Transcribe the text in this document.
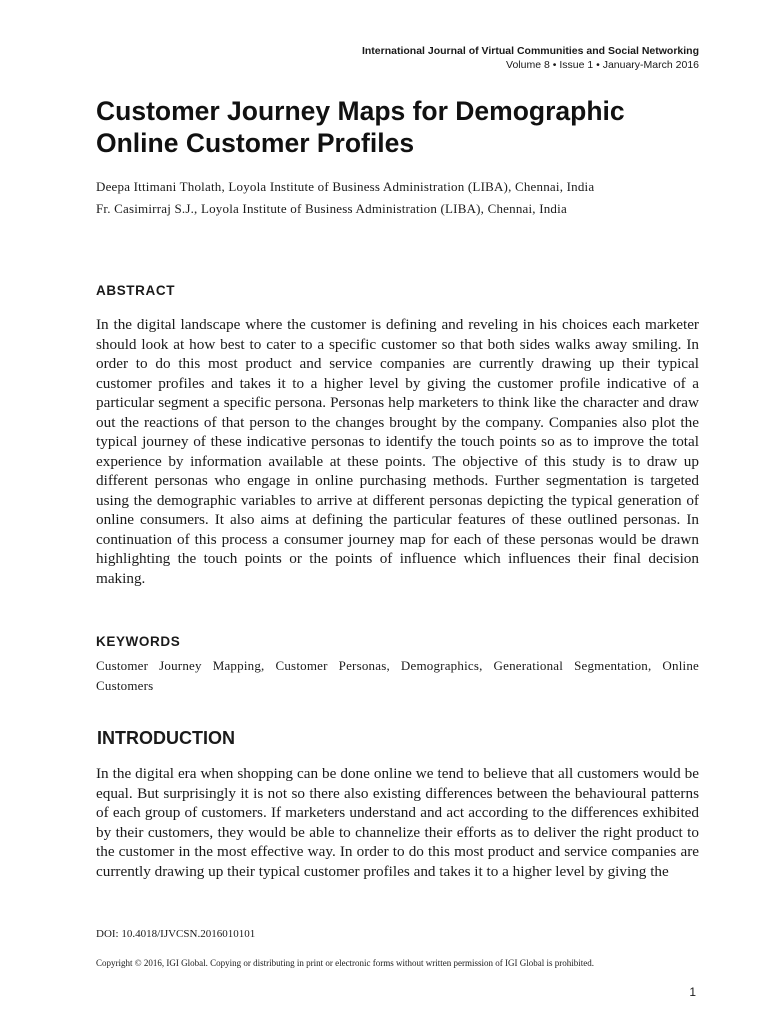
International Journal of Virtual Communities and Social Networking
Volume 8 • Issue 1 • January-March 2016
Customer Journey Maps for Demographic Online Customer Profiles
Deepa Ittimani Tholath, Loyola Institute of Business Administration (LIBA), Chennai, India
Fr. Casimirraj S.J., Loyola Institute of Business Administration (LIBA), Chennai, India
ABSTRACT

In the digital landscape where the customer is defining and reveling in his choices each marketer should look at how best to cater to a specific customer so that both sides walks away smiling. In order to do this most product and service companies are currently drawing up their typical customer profiles and takes it to a higher level by giving the customer profile indicative of a particular segment a specific persona. Personas help marketers to think like the character and draw out the reactions of that person to the changes brought by the company. Companies also plot the typical journey of these indicative personas to identify the touch points so as to improve the total experience by information available at these points. The objective of this study is to draw up different personas who engage in online purchasing methods. Further segmentation is targeted using the demographic variables to arrive at different personas depicting the typical generation of online consumers. It also aims at defining the particular features of these outlined personas. In continuation of this process a consumer journey map for each of these personas would be drawn highlighting the touch points or the points of influence which influences their final decision making.

KEYWORDS

Customer Journey Mapping, Customer Personas, Demographics, Generational Segmentation, Online Customers

INTRODUCTION

In the digital era when shopping can be done online we tend to believe that all customers would be equal. But surprisingly it is not so there also existing differences between the behavioural patterns of each group of customers. If marketers understand and act according to the differences exhibited by their customers, they would be able to channelize their efforts as to deliver the right product to the customer in the most effective way. In order to do this most product and service companies are currently drawing up their typical customer profiles and takes it to a higher level by giving the

DOI: 10.4018/IJVCSN.2016010101
Copyright © 2016, IGI Global. Copying or distributing in print or electronic forms without written permission of IGI Global is prohibited.
1
